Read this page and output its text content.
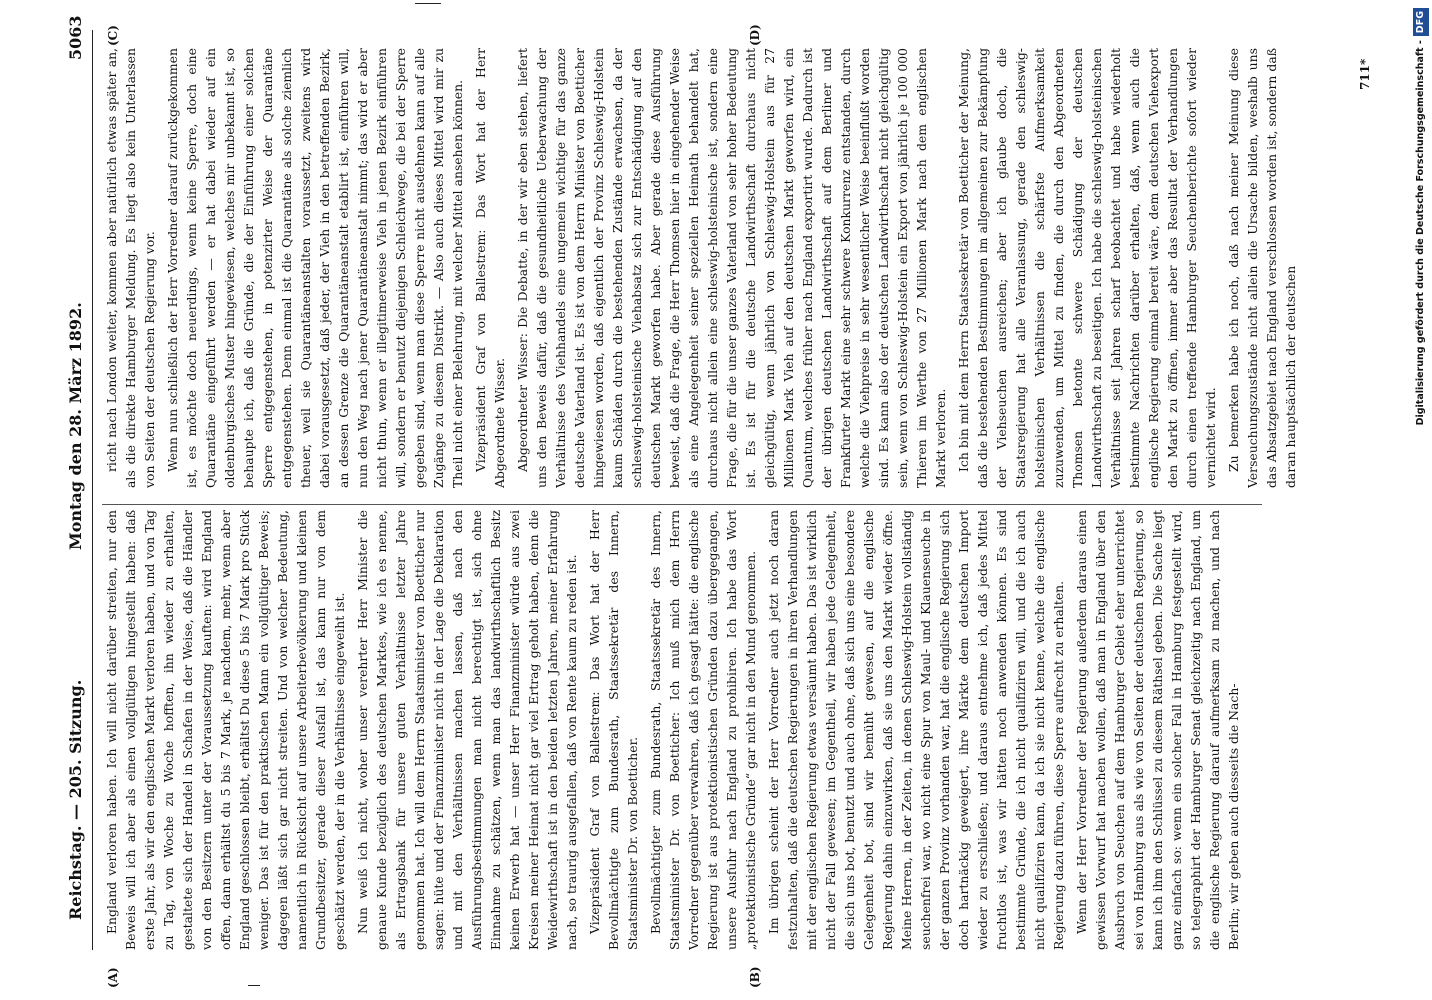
Reichstag. — 205. Sitzung.
Montag den 28. März 1892.
5063
(A)	(B)
(C)	(D)

England verloren haben. Ich will nicht darüber streiten, nur den Beweis will ich aber als einen vollgültigen hingestellt haben: daß erste Jahr, als wir den englischen Markt verloren haben, und von Tag zu Tag, von Woche zu Woche hofften, ihn wieder zu erhalten, gestaltete sich der Handel in Schafen in der Weise, daß die Händler von den Besitzern unter der Voraussetzung kauften: wird England offen, dann erhältst du 5 bis 7 Mark, je nachdem, mehr, wenn aber England geschlossen bleibt, erhältst Du diese 5 bis 7 Mark pro Stück weniger. Das ist für den praktischen Mann ein vollgültiger Beweis; dagegen läßt sich gar nicht streiten. Und von welcher Bedeutung, namentlich in Rücksicht auf unsere Arbeiterbevölkerung und kleinen Grundbesitzer, gerade dieser Ausfall ist, das kann nur von dem geschätzt werden, der in die Verhältnisse eingeweiht ist. Nun weiß ich nicht, woher unser verehrter Herr Minister die genaue Kunde bezüglich des deutschen Marktes, wie ich es nenne, als Ertragsbank für unsere guten Verhältnisse letzter Jahre genommen hat. Ich will dem Herrn Staatsminister von Boetticher nur sagen: hüte und der Finanzminister nicht in der Lage die Deklaration und mit den Verhältnissen machen lassen, daß nach den Ausführungsbestimmungen man nicht berechtigt ist, sich ohne Einnahme zu schätzen, wenn man das landwirthschaftlich Besitz keinen Erwerb hat — unser Herr Finanzminister würde aus zwei Kreisen meiner Heimat nicht gar viel Ertrag geholt haben, denn die Weidewirthschaft ist in den beiden letzten Jahren, meiner Erfahrung nach, so traurig ausgefallen, daß von Rente kaum zu reden ist. Vizepräsident Graf von Ballestrem: Das Wort hat der Herr Bevollmächtigte zum Bundesrath, Staatssekretär des Innern, Staatsminister Dr. von Boetticher. Bevollmächtigter zum Bundesrath, Staatssekretär des Innern, Staatsminister Dr. von Boetticher: Ich muß mich dem Herrn Vorredner gegenüber verwahren, daß ich gesagt hätte: die englische Regierung ist aus protektionistischen Gründen dazu übergegangen, unsere Ausfuhr nach England zu prohibiren. Ich habe das Wort „protektionistische Gründe“ gar nicht in den Mund genommen. Im übrigen scheint der Herr Vorredner auch jetzt noch daran festzuhalten, daß die deutschen Regierungen in ihren Verhandlungen mit der englischen Regierung etwas versäumt haben. Das ist wirklich nicht der Fall gewesen; im Gegentheil, wir haben jede Gelegenheit, die sich uns bot, benutzt und auch ohne, daß sich uns eine besondere Gelegenheit bot, sind wir bemüht gewesen, auf die englische Regierung dahin einzuwirken, daß sie uns den Markt wieder öffne. Meine Herren, in der Zeiten, in denen Schleswig-Holstein vollständig seuchenfrei war, wo nicht eine Spur von Maul- und Klauenseuche in der ganzen Provinz vorhanden war, hat die englische Regierung sich doch hartnäckig geweigert, ihre Märkte dem deutschen Import wieder zu erschließen; und daraus entnehme ich, daß jedes Mittel fruchtlos ist, was wir hätten noch anwenden können. Es sind bestimmte Gründe, die ich nicht qualifiziren will, und die ich auch nicht qualifiziren kann, da ich sie nicht kenne, welche die englische Regierung dazu führen, diese Sperre aufrecht zu erhalten. Wenn der Herr Vorredner der Regierung außerdem daraus einen gewissen Vorwurf hat machen wollen, daß man in England über den Ausbruch von Seuchen auf dem Hamburger Gebiet eher unterrichtet sei von Hamburg aus als wie von Seiten der deutschen Regierung, so kann ich ihm den Schlüssel zu diesem Räthsel geben. Die Sache liegt ganz einfach so: wenn ein solcher Fall in Hamburg festgestellt wird, so telegraphirt der Hamburger Senat gleichzeitig nach England, um die englische Regierung darauf aufmerksam zu machen, und nach Berlin; wir geben auch diesseits die Nach-

richt nach London weiter, kommen aber natürlich etwas später an, als die direkte Hamburger Meldung. Es liegt also kein Unterlassen von Seiten der deutschen Regierung vor. Wenn nun schließlich der Herr Vorredner darauf zurückgekommen ist, es möchte doch neuerdings, wenn keine Sperre, doch eine Quarantäne eingeführt werden — er hat dabei wieder auf ein oldenburgisches Muster hingewiesen, welches mir unbekannt ist, so behaupte ich, daß die Gründe, die der Einführung einer solchen Sperre entgegenstehen, in potenzirter Weise der Quarantäne entgegenstehen. Denn einmal ist die Quarantäne als solche ziemlich theuer, weil sie Quarantäneanstalten voraussetzt, zweitens wird dabei vorausgesetzt, daß jeder, der Vieh in den betreffenden Bezirk, an dessen Grenze die Quarantäneanstalt etablirt ist, einführen will, nun den Weg nach jener Quarantäneanstalt nimmt; das wird er aber nicht thun, wenn er illegitimerweise Vieh in jenen Bezirk einführen will, sondern er benutzt diejenigen Schleichwege, die bei der Sperre gegeben sind, wenn man diese Sperre nicht ausdehnen kann auf alle Zugänge zu diesem Distrikt. — Also auch dieses Mittel wird mir zu Theil nicht einer Belehrung, mit welcher Mittel ansehen können. Vizepräsident Graf von Ballestrem: Das Wort hat der Herr Abgeordnete Wisser. Abgeordneter Wisser: Die Debatte, in der wir eben stehen, liefert uns den Beweis dafür, daß die gesundheitliche Ueberwachung der Verhältnisse des Viehhandels eine ungemein wichtige für das ganze deutsche Vaterland ist. Es ist von dem Herrn Minister von Boetticher hingewiesen worden, daß eigentlich der Provinz Schleswig-Holstein kaum Schäden durch die bestehenden Zustände erwachsen, da der schleswig-holsteinische Viehabsatz sich zur Entschädigung auf den deutschen Markt geworfen habe. Aber gerade diese Ausführung beweist, daß die Frage, die Herr Thomsen hier in eingehender Weise als eine Angelegenheit seiner speziellen Heimath behandelt hat, durchaus nicht allein eine schleswig-holsteinische ist, sondern eine Frage, die für die unser ganzes Vaterland von sehr hoher Bedeutung ist. Es ist für die deutsche Landwirthschaft durchaus nicht gleichgültig, wenn jährlich von Schleswig-Holstein aus für 27 Millionen Mark Vieh auf den deutschen Markt geworfen wird, ein Quantum, welches früher nach England exportirt wurde. Dadurch ist der übrigen deutschen Landwirthschaft auf dem Berliner und Frankfurter Markt eine sehr schwere Konkurrenz entstanden, durch welche die Viehpreise in sehr wesentlicher Weise beeinflußt worden sind. Es kann also der deutschen Landwirthschaft nicht gleichgültig sein, wenn von Schleswig-Holstein ein Export von jährlich je 100 000 Thieren im Werthe von 27 Millionen Mark nach dem englischen Markt verloren. Ich bin mit dem Herrn Staatssekretär von Boetticher der Meinung, daß die bestehenden Bestimmungen im allgemeinen zur Bekämpfung der Viehseuchen ausreichen; aber ich glaube doch, die Staatsregierung hat alle Veranlassung, gerade den schleswig-holsteinischen Verhältnissen die schärfste Aufmerksamkeit zuzuwenden, um Mittel zu finden, die durch den Abgeordneten Thomsen betonte schwere Schädigung der deutschen Landwirthschaft zu beseitigen. Ich habe die schleswig-holsteinischen Verhältnisse seit Jahren scharf beobachtet und habe wiederholt bestimmte Nachrichten darüber erhalten, daß, wenn auch die englische Regierung einmal bereit wäre, dem deutschen Viehexport den Markt zu öffnen, immer aber das Resultat der Verhandlungen durch einen treffende Hamburger Seuchenberichte sofort wieder vernichtet wird. Zu bemerken habe ich noch, daß nach meiner Meinung diese Verseuchungszustände nicht allein die Ursache bilden, weshalb uns das Absatzgebiet nach England verschlossen worden ist, sondern daß daran hauptsächlich der deutschen

711*	Digitalisierung gefördert durch die Deutsche Forschungsgemeinschaft -DFG
